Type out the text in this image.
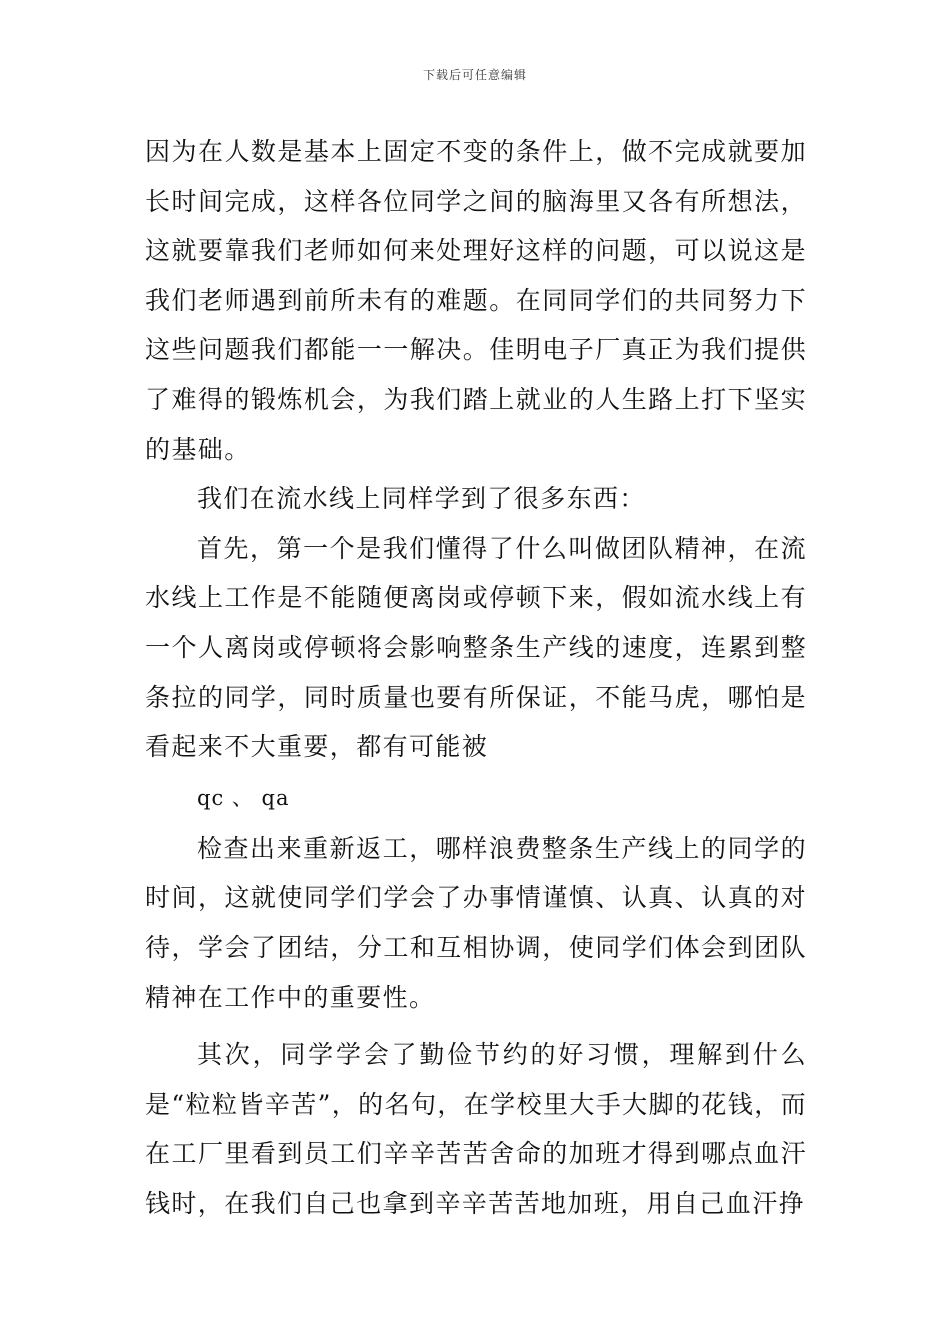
下载后可任意编辑

因为在人数是基本上固定不变的条件上，做不完成就要加长时间完成，这样各位同学之间的脑海里又各有所想法，这就要靠我们老师如何来处理好这样的问题，可以说这是我们老师遇到前所未有的难题。在同同学们的共同努力下这些问题我们都能一一解决。佳明电子厂真正为我们提供了难得的锻炼机会，为我们踏上就业的人生路上打下坚实的基础。

我们在流水线上同样学到了很多东西：

首先，第一个是我们懂得了什么叫做团队精神，在流水线上工作是不能随便离岗或停顿下来，假如流水线上有一个人离岗或停顿将会影响整条生产线的速度，连累到整条拉的同学，同时质量也要有所保证，不能马虎，哪怕是看起来不大重要，都有可能被

qc 、 qa

检查出来重新返工，哪样浪费整条生产线上的同学的时间，这就使同学们学会了办事情谨慎、认真、认真的对待，学会了团结，分工和互相协调，使同学们体会到团队精神在工作中的重要性。

其次，同学学会了勤俭节约的好习惯，理解到什么是“粒粒皆辛苦”，的名句，在学校里大手大脚的花钱，而在工厂里看到员工们辛辛苦苦舍命的加班才得到哪点血汗钱时，在我们自己也拿到辛辛苦苦地加班，用自己血汗挣
